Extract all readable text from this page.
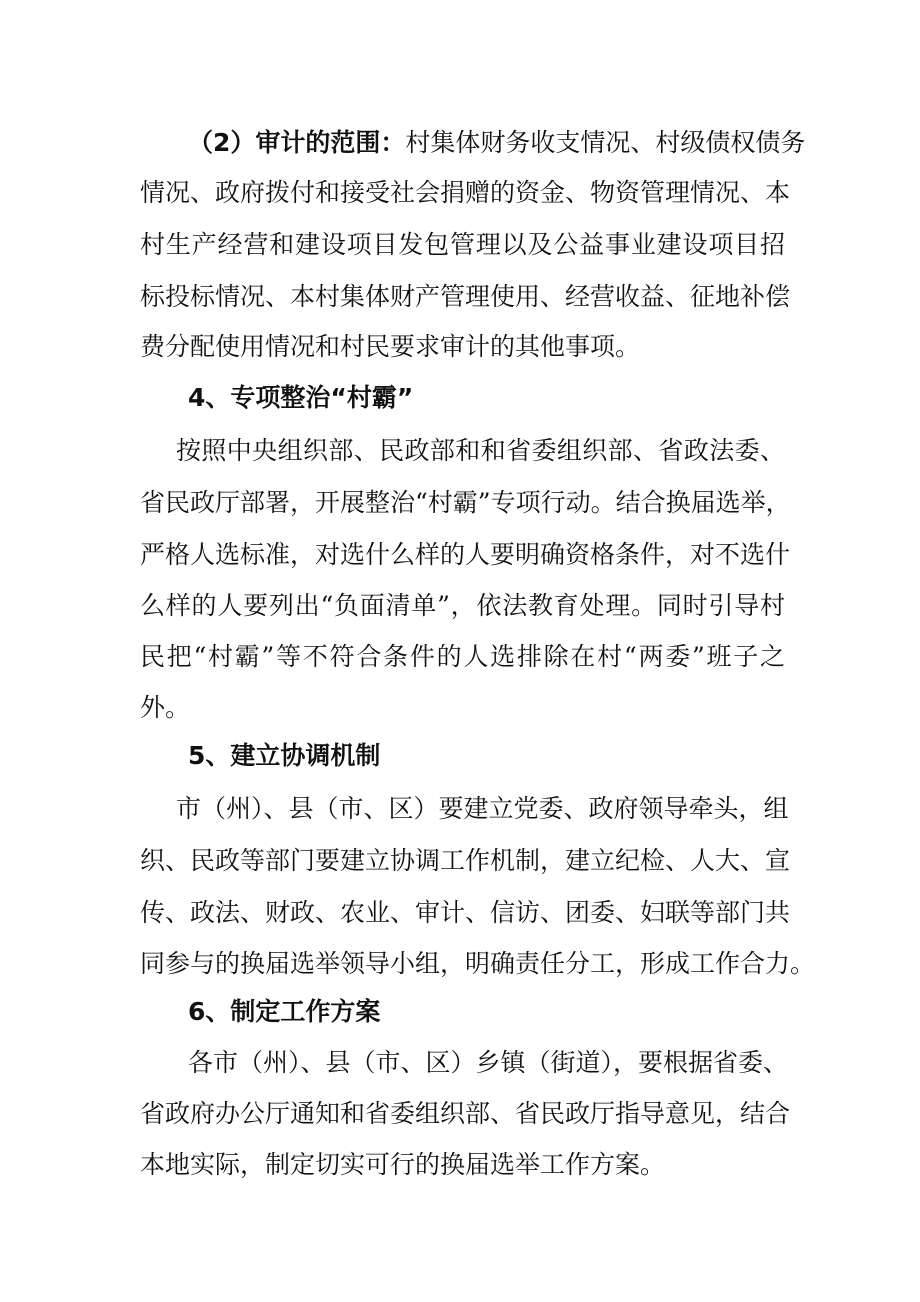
（2）审计的范围：村集体财务收支情况、村级债权债务
情况、政府拨付和接受社会捐赠的资金、物资管理情况、本
村生产经营和建设项目发包管理以及公益事业建设项目招
标投标情况、本村集体财产管理使用、经营收益、征地补偿
费分配使用情况和村民要求审计的其他事项。
4、专项整治“村霸”
按照中央组织部、民政部和和省委组织部、省政法委、
省民政厅部署，开展整治“村霸”专项行动。结合换届选举，
严格人选标准，对选什么样的人要明确资格条件，对不选什
么样的人要列出“负面清单”，依法教育处理。同时引导村
民把“村霸”等不符合条件的人选排除在村“两委”班子之
外。
5、建立协调机制
市（州）、县（市、区）要建立党委、政府领导牵头，组
织、民政等部门要建立协调工作机制，建立纪检、人大、宣
传、政法、财政、农业、审计、信访、团委、妇联等部门共
同参与的换届选举领导小组，明确责任分工，形成工作合力。
6、制定工作方案
各市（州）、县（市、区）乡镇（街道），要根据省委、
省政府办公厅通知和省委组织部、省民政厅指导意见，结合
本地实际，制定切实可行的换届选举工作方案。
